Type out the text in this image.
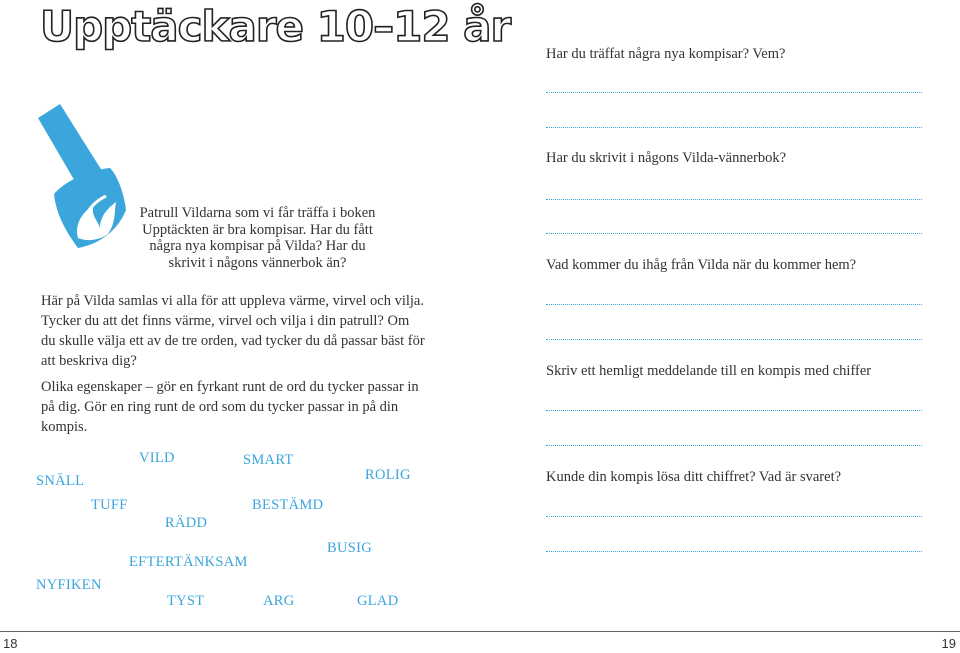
Upptäckare 10–12 år

Patrull Vildarna som vi får träffa i boken Upptäckten är bra kompisar. Har du fått några nya kompisar på Vilda? Har du skrivit i någons vännerbok än?

Här på Vilda samlas vi alla för att uppleva värme, virvel och vilja. Tycker du att det finns värme, virvel och vilja i din patrull? Om du skulle välja ett av de tre orden, vad tycker du då passar bäst för att beskriva dig?

Olika egenskaper – gör en fyrkant runt de ord du tycker passar in på dig. Gör en ring runt de ord som du tycker passar in på din kompis.

VILD	SMART
SNÄLL	ROLIG
TUFF	BESTÄMD
RÄDD
BUSIG
EFTERTÄNKSAM
NYFIKEN
TYST	ARG	GLAD
18	19

Har du träffat några nya kompisar? Vem?

Har du skrivit i någons Vilda-vännerbok?

Vad kommer du ihåg från Vilda när du kommer hem?

Skriv ett hemligt meddelande till en kompis med chiffer

Kunde din kompis lösa ditt chiffret? Vad är svaret?
